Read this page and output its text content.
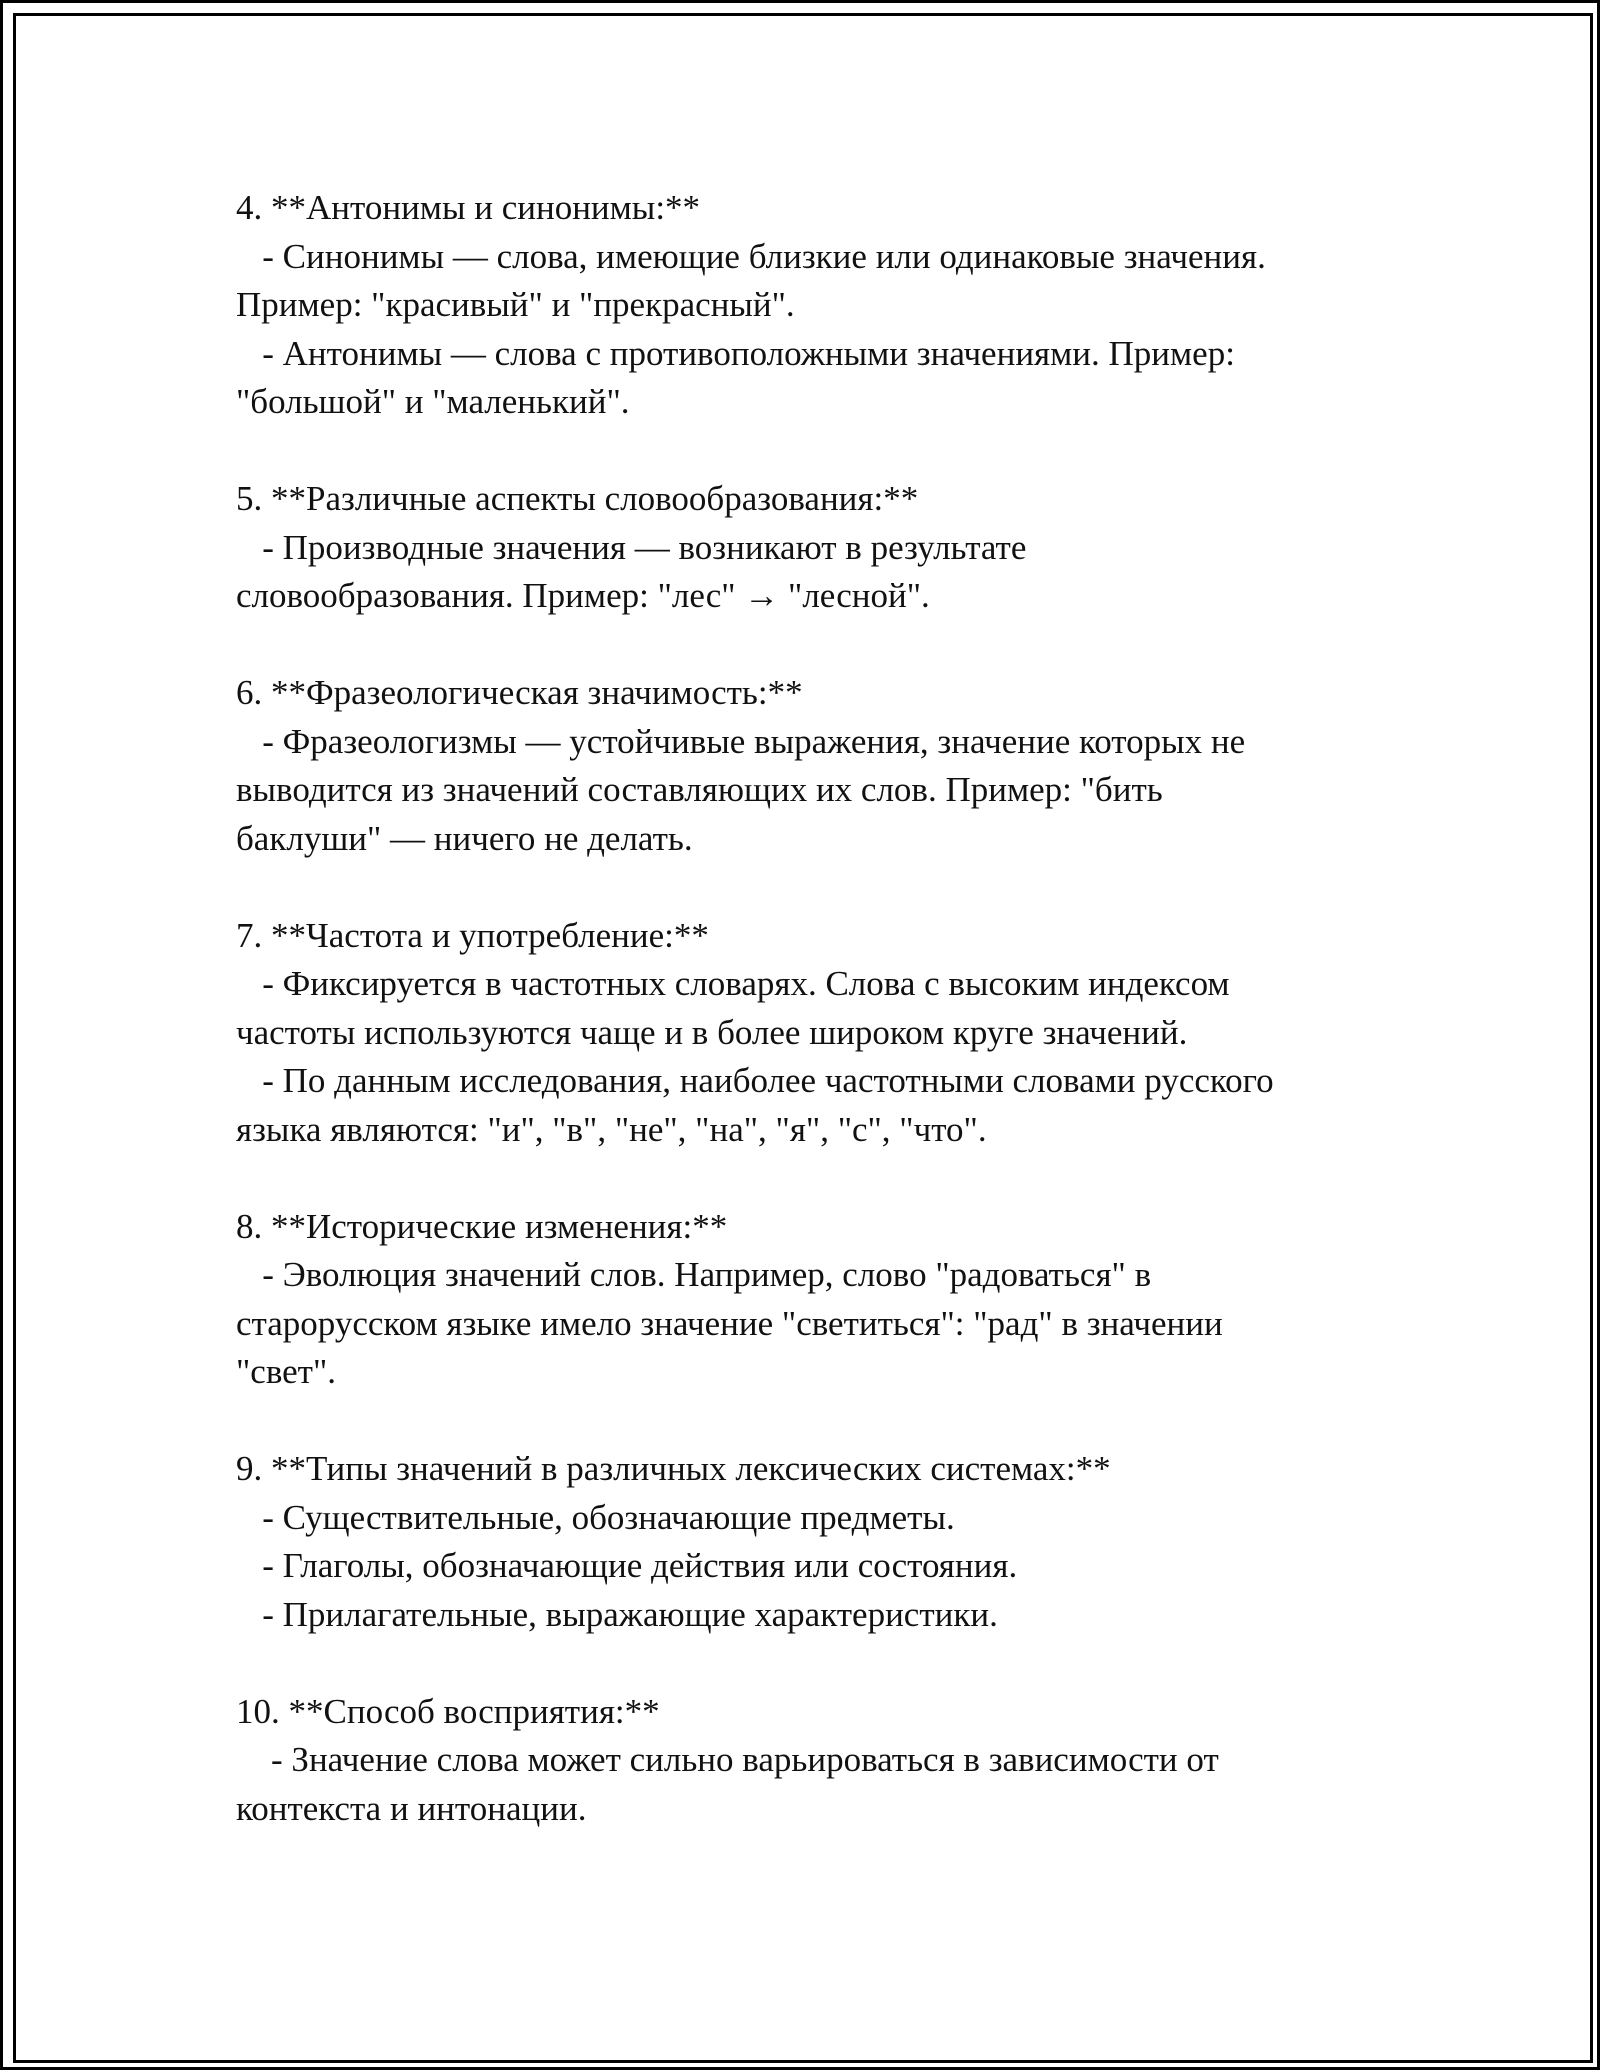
4. **Антонимы и синонимы:**
- Синонимы — слова, имеющие близкие или одинаковые значения.
Пример: "красивый" и "прекрасный".
- Антонимы — слова с противоположными значениями. Пример:
"большой" и "маленький".
5. **Различные аспекты словообразования:**
- Производные значения — возникают в результате
словообразования. Пример: "лес" → "лесной".
6. **Фразеологическая значимость:**
- Фразеологизмы — устойчивые выражения, значение которых не
выводится из значений составляющих их слов. Пример: "бить
баклуши" — ничего не делать.
7. **Частота и употребление:**
- Фиксируется в частотных словарях. Слова с высоким индексом
частоты используются чаще и в более широком круге значений.
- По данным исследования, наиболее частотными словами русского
языка являются: "и", "в", "не", "на", "я", "с", "что".
8. **Исторические изменения:**
- Эволюция значений слов. Например, слово "радоваться" в
старорусском языке имело значение "светиться": "рад" в значении
"свет".
9. **Типы значений в различных лексических системах:**
- Существительные, обозначающие предметы.
- Глаголы, обозначающие действия или состояния.
- Прилагательные, выражающие характеристики.
10. **Способ восприятия:**
- Значение слова может сильно варьироваться в зависимости от
контекста и интонации.
